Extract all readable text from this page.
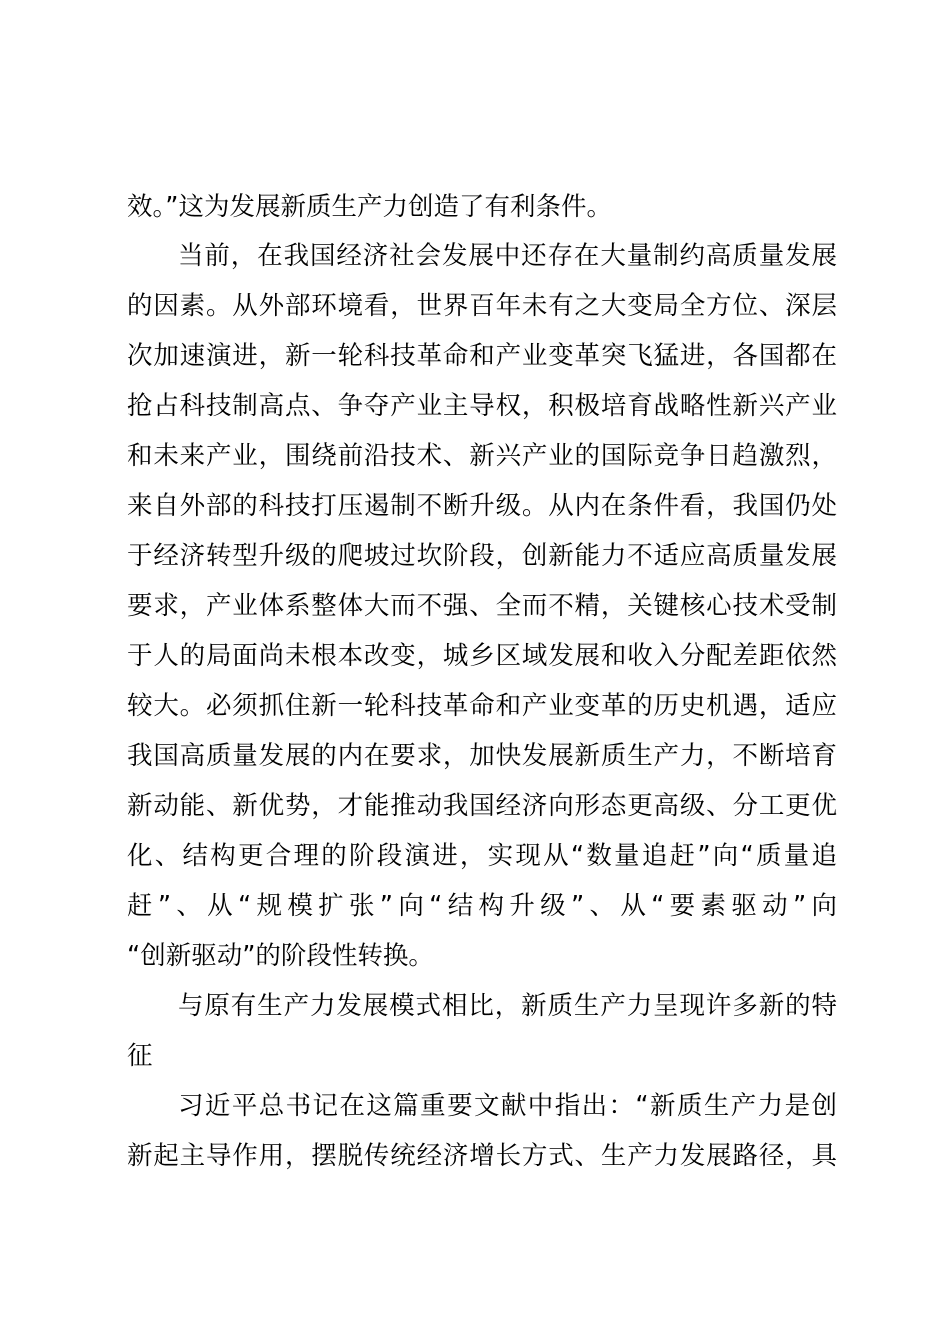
效。”这为发展新质生产力创造了有利条件。
当前，在我国经济社会发展中还存在大量制约高质量发展
的因素。从外部环境看，世界百年未有之大变局全方位、深层
次加速演进，新一轮科技革命和产业变革突飞猛进，各国都在
抢占科技制高点、争夺产业主导权，积极培育战略性新兴产业
和未来产业，围绕前沿技术、新兴产业的国际竞争日趋激烈，
来自外部的科技打压遏制不断升级。从内在条件看，我国仍处
于经济转型升级的爬坡过坎阶段，创新能力不适应高质量发展
要求，产业体系整体大而不强、全而不精，关键核心技术受制
于人的局面尚未根本改变，城乡区域发展和收入分配差距依然
较大。必须抓住新一轮科技革命和产业变革的历史机遇，适应
我国高质量发展的内在要求，加快发展新质生产力，不断培育
新动能、新优势，才能推动我国经济向形态更高级、分工更优
化、结构更合理的阶段演进，实现从“数量追赶”向“质量追
赶”、从“规模扩张”向“结构升级”、从“要素驱动”向
“创新驱动”的阶段性转换。
与原有生产力发展模式相比，新质生产力呈现许多新的特
征
习近平总书记在这篇重要文献中指出：“新质生产力是创
新起主导作用，摆脱传统经济增长方式、生产力发展路径，具
